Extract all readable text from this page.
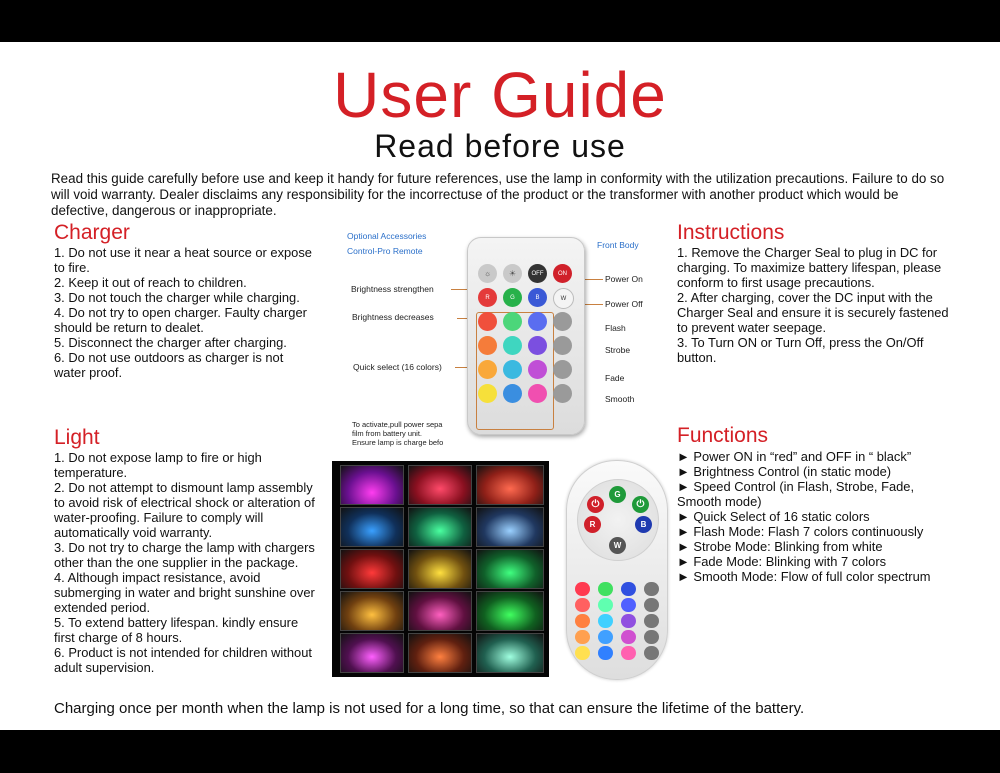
User Guide
Read before use
Read this guide carefully before use and keep it handy for future references, use the lamp in conformity with the utilization precautions. Failure to do so will void warranty. Dealer disclaims any responsibility for the incorrectuse of the product or the transformer with another product which would be defective, dangerous or inappropriate.
Charger
1. Do not use it near a heat source or expose to fire.
2. Keep it out of reach to children.
3. Do not touch the charger while charging.
4. Do not try to open charger. Faulty charger should be return to dealet.
5. Disconnect the charger after charging.
6. Do not use outdoors as charger is not water proof.
Light
1. Do not expose lamp to fire or high temperature.
2. Do not attempt to dismount lamp assembly to avoid risk of electrical shock or alteration of water-proofing. Failure to comply will automatically void warranty.
3. Do not try to charge the lamp with chargers other than the one supplier in the package.
4. Although impact resistance, avoid submerging in water and bright sunshine over extended period.
5. To extend battery lifespan. kindly ensure first charge of 8 hours.
6. Product is not intended for children without adult supervision.
Instructions
1. Remove the Charger Seal to plug in DC for charging. To maximize battery lifespan, please conform to first usage precautions.
2. After charging, cover the DC input with the Charger Seal and ensure it is securely fastened to prevent water seepage.
3. To Turn ON or Turn Off, press the On/Off button.
Functions
► Power ON in “red” and OFF in “ black”
► Brightness Control (in static mode)
► Speed Control (in Flash, Strobe, Fade, Smooth mode)
► Quick Select of 16 static colors
► Flash Mode: Flash 7 colors continuously
► Strobe Mode: Blinking from white
► Fade Mode: Blinking with 7 colors
► Smooth Mode: Flow of full color spectrum
Optional Accessories
Control-Pro Remote
Front Body
Brightness strengthen
Brightness decreases
Quick select (16 colors)
Power On
Power Off
Flash
Strobe
Fade
Smooth
To activate,pull power sepa
film from battery unit.
Ensure lamp is charge befo
☼	☀	OFF	ON
R	G	B	W
⏻	⏻
G
R	B
W
Charging once per month when the lamp is not used for a long time, so that can ensure the lifetime of the battery.
